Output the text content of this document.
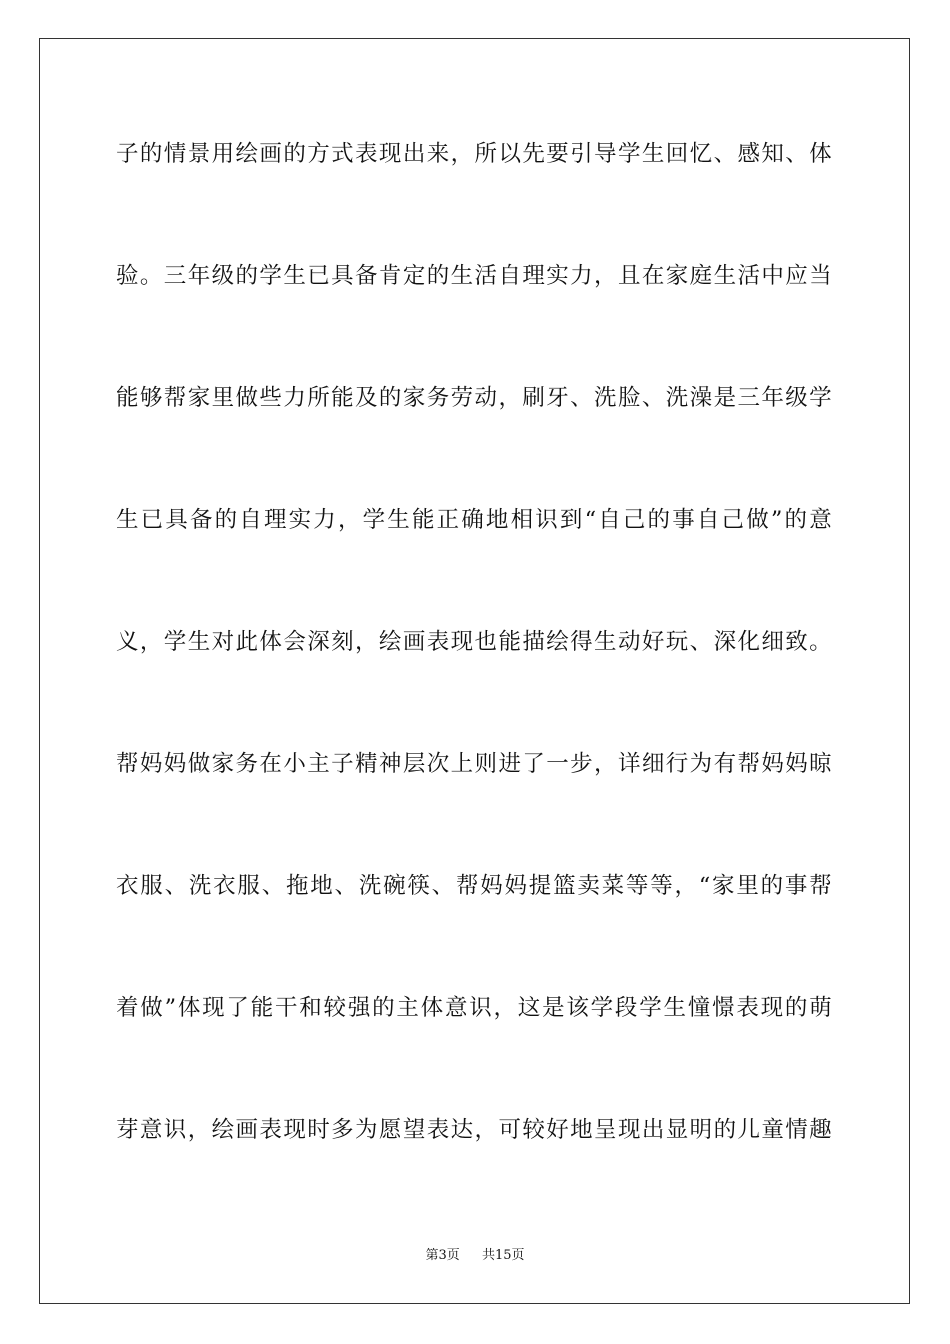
子的情景用绘画的方式表现出来，所以先要引导学生回忆、感知、体
验。三年级的学生已具备肯定的生活自理实力，且在家庭生活中应当
能够帮家里做些力所能及的家务劳动，刷牙、洗脸、洗澡是三年级学
生已具备的自理实力，学生能正确地相识到“自己的事自己做”的意
义，学生对此体会深刻，绘画表现也能描绘得生动好玩、深化细致。
帮妈妈做家务在小主子精神层次上则进了一步，详细行为有帮妈妈晾
衣服、洗衣服、拖地、洗碗筷、帮妈妈提篮卖菜等等，“家里的事帮
着做”体现了能干和较强的主体意识，这是该学段学生憧憬表现的萌
芽意识，绘画表现时多为愿望表达，可较好地呈现出显明的儿童情趣
第3页 共15页
